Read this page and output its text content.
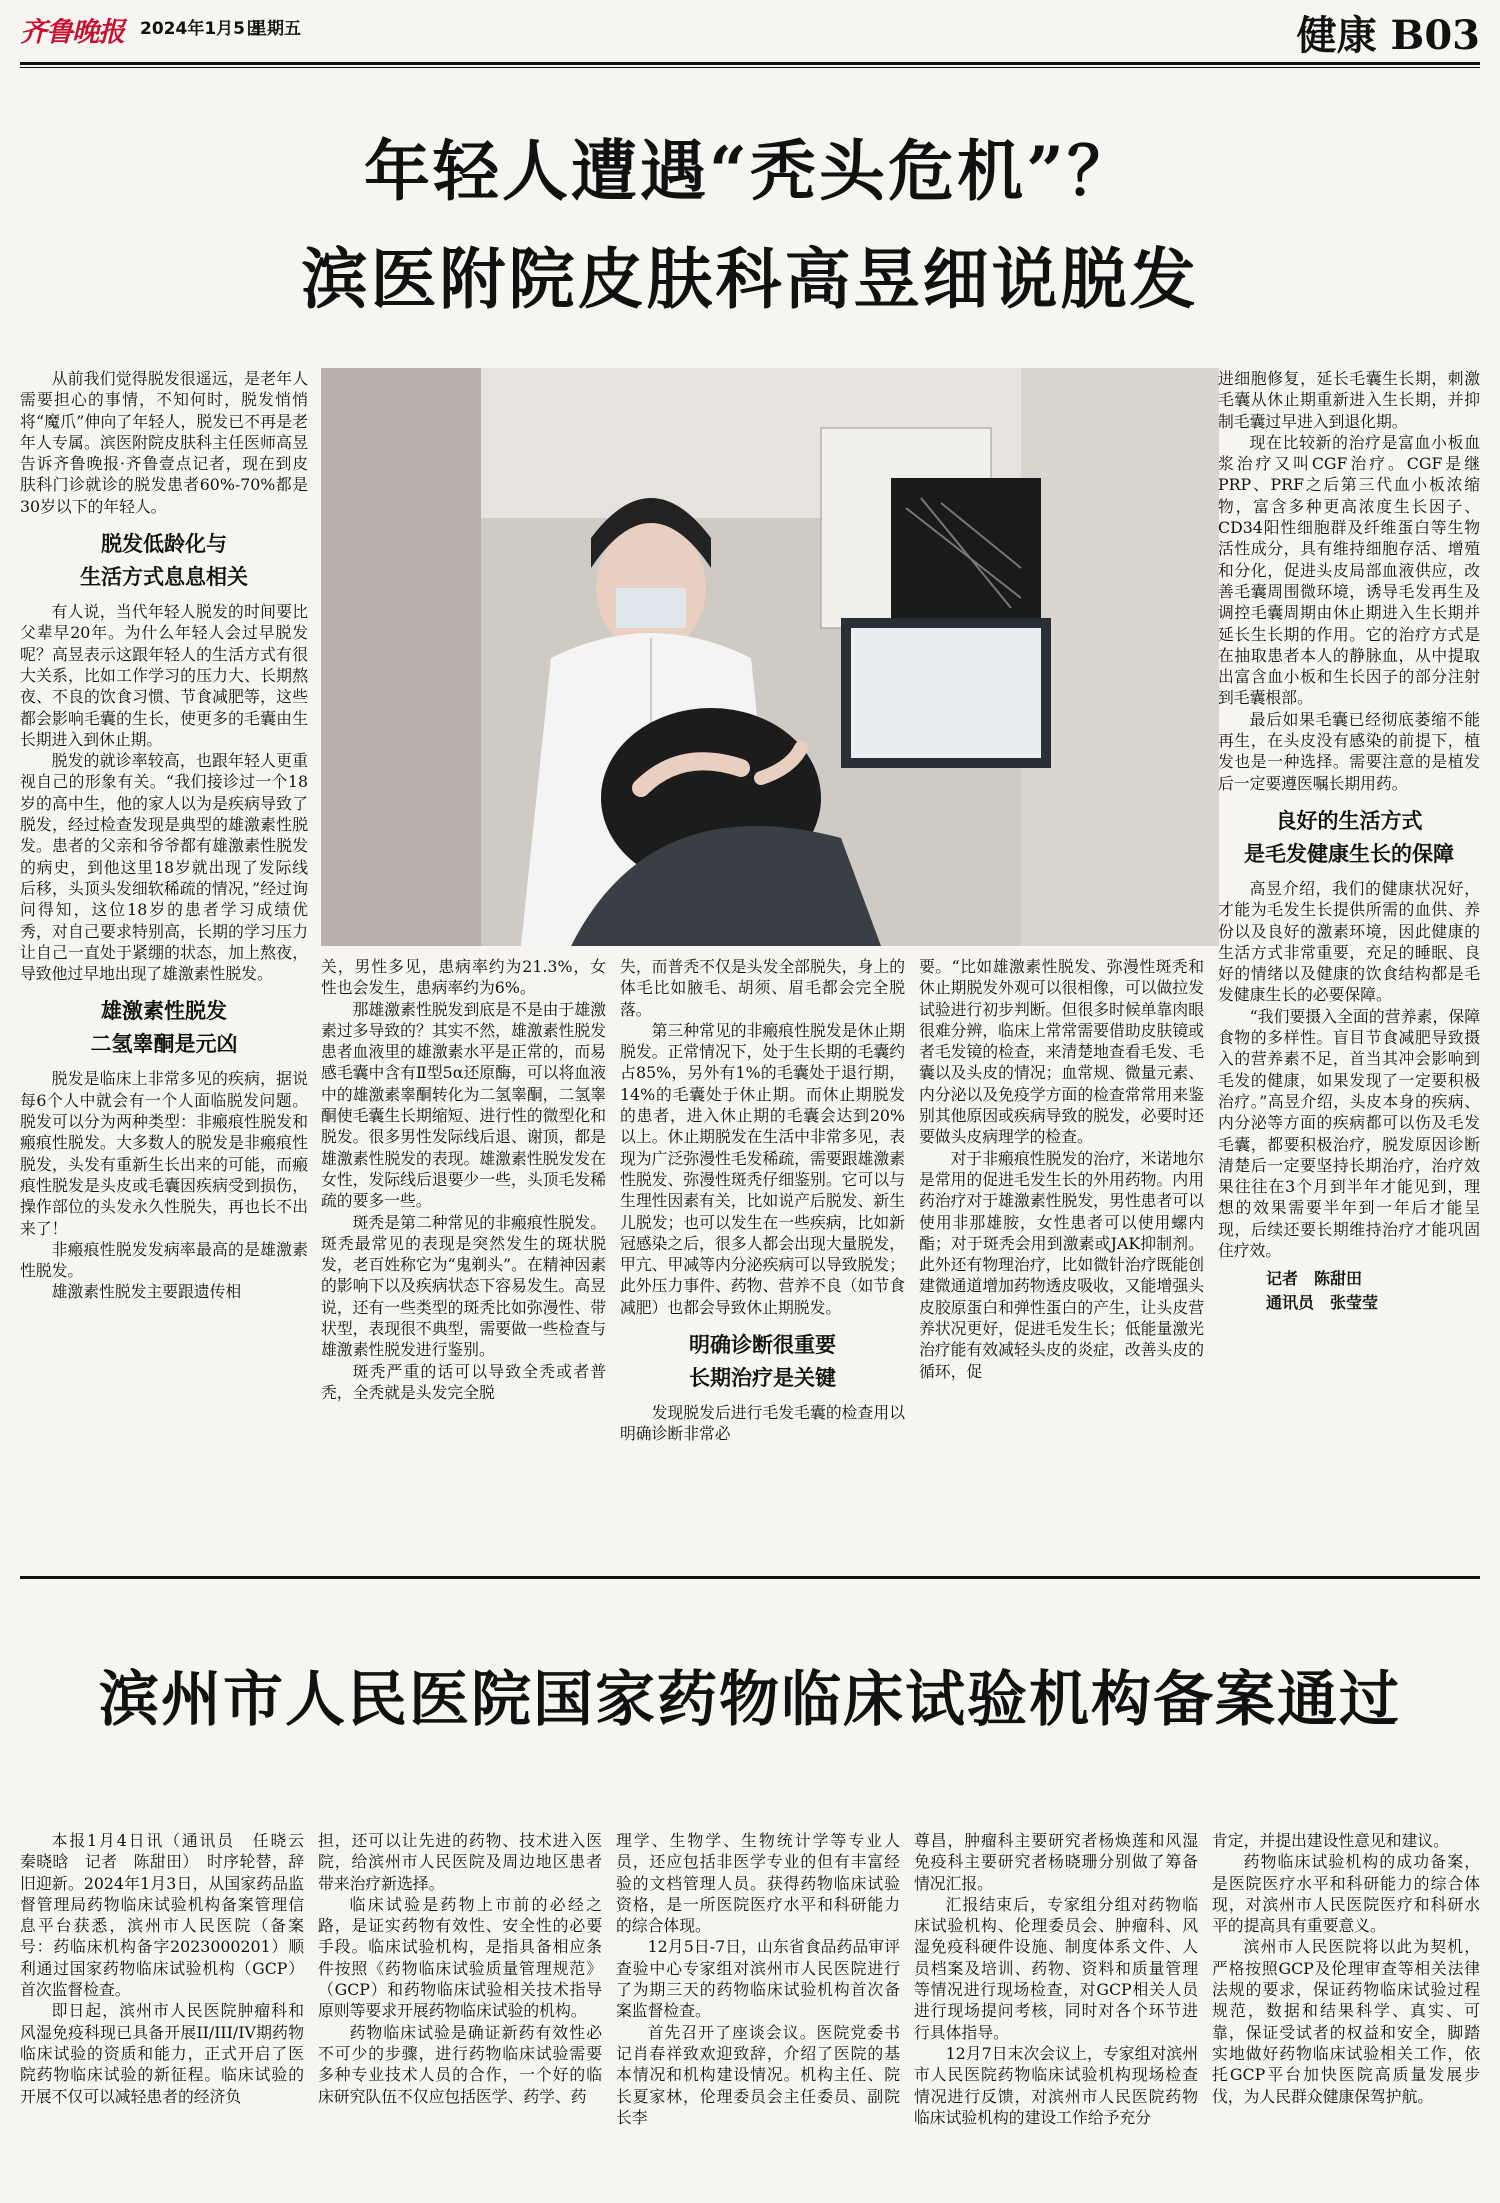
齐鲁晚报 2024年1月5日
星期五	健康 B03
年轻人遭遇“秃头危机”？
滨医附院皮肤科高昱细说脱发

从前我们觉得脱发很遥远，是老年人需要担心的事情，不知何时，脱发悄悄将“魔爪”伸向了年轻人，脱发已不再是老年人专属。滨医附院皮肤科主任医师高昱告诉齐鲁晚报·齐鲁壹点记者，现在到皮肤科门诊就诊的脱发患者60%-70%都是30岁以下的年轻人。

脱发低龄化与
生活方式息息相关

有人说，当代年轻人脱发的时间要比父辈早20年。为什么年轻人会过早脱发呢？高昱表示这跟年轻人的生活方式有很大关系，比如工作学习的压力大、长期熬夜、不良的饮食习惯、节食减肥等，这些都会影响毛囊的生长，使更多的毛囊由生长期进入到休止期。

脱发的就诊率较高，也跟年轻人更重视自己的形象有关。“我们接诊过一个18岁的高中生，他的家人以为是疾病导致了脱发，经过检查发现是典型的雄激素性脱发。患者的父亲和爷爷都有雄激素性脱发的病史，到他这里18岁就出现了发际线后移，头顶头发细软稀疏的情况，”经过询问得知，这位18岁的患者学习成绩优秀，对自己要求特别高，长期的学习压力让自己一直处于紧绷的状态，加上熬夜，导致他过早地出现了雄激素性脱发。

雄激素性脱发
二氢睾酮是元凶

脱发是临床上非常多见的疾病，据说每6个人中就会有一个人面临脱发问题。脱发可以分为两种类型：非瘢痕性脱发和瘢痕性脱发。大多数人的脱发是非瘢痕性脱发，头发有重新生长出来的可能，而瘢痕性脱发是头皮或毛囊因疾病受到损伤，操作部位的头发永久性脱失，再也长不出来了！

非瘢痕性脱发发病率最高的是雄激素性脱发。

雄激素性脱发主要跟遗传相

关，男性多见，患病率约为21.3%，女性也会发生，患病率约为6%。

那雄激素性脱发到底是不是由于雄激素过多导致的？其实不然，雄激素性脱发患者血液里的雄激素水平是正常的，而易感毛囊中含有Ⅱ型5α还原酶，可以将血液中的雄激素睾酮转化为二氢睾酮，二氢睾酮使毛囊生长期缩短、进行性的微型化和脱发。很多男性发际线后退、谢顶，都是雄激素性脱发的表现。雄激素性脱发发在女性，发际线后退要少一些，头顶毛发稀疏的要多一些。

斑秃是第二种常见的非瘢痕性脱发。斑秃最常见的表现是突然发生的斑状脱发，老百姓称它为“鬼剃头”。在精神因素的影响下以及疾病状态下容易发生。高昱说，还有一些类型的斑秃比如弥漫性、带状型，表现很不典型，需要做一些检查与雄激素性脱发进行鉴别。

斑秃严重的话可以导致全秃或者普秃，全秃就是头发完全脱

失，而普秃不仅是头发全部脱失，身上的体毛比如腋毛、胡须、眉毛都会完全脱落。

第三种常见的非瘢痕性脱发是休止期脱发。正常情况下，处于生长期的毛囊约占85%，另外有1%的毛囊处于退行期，14%的毛囊处于休止期。而休止期脱发的患者，进入休止期的毛囊会达到20%以上。休止期脱发在生活中非常多见，表现为广泛弥漫性毛发稀疏，需要跟雄激素性脱发、弥漫性斑秃仔细鉴别。它可以与生理性因素有关，比如说产后脱发、新生儿脱发；也可以发生在一些疾病，比如新冠感染之后，很多人都会出现大量脱发，甲亢、甲减等内分泌疾病可以导致脱发；此外压力事件、药物、营养不良（如节食减肥）也都会导致休止期脱发。

明确诊断很重要
长期治疗是关键

发现脱发后进行毛发毛囊的检查用以明确诊断非常必

要。“比如雄激素性脱发、弥漫性斑秃和休止期脱发外观可以很相像，可以做拉发试验进行初步判断。但很多时候单靠肉眼很难分辨，临床上常常需要借助皮肤镜或者毛发镜的检查，来清楚地查看毛发、毛囊以及头皮的情况；血常规、微量元素、内分泌以及免疫学方面的检查常常用来鉴别其他原因或疾病导致的脱发，必要时还要做头皮病理学的检查。

对于非瘢痕性脱发的治疗，米诺地尔是常用的促进毛发生长的外用药物。内用药治疗对于雄激素性脱发，男性患者可以使用非那雄胺，女性患者可以使用螺内酯；对于斑秃会用到激素或JAK抑制剂。此外还有物理治疗，比如微针治疗既能创建微通道增加药物透皮吸收，又能增强头皮胶原蛋白和弹性蛋白的产生，让头皮营养状况更好，促进毛发生长；低能量激光治疗能有效减轻头皮的炎症，改善头皮的循环，促

进细胞修复，延长毛囊生长期，刺激毛囊从休止期重新进入生长期，并抑制毛囊过早进入到退化期。

现在比较新的治疗是富血小板血浆治疗又叫CGF治疗。CGF是继PRP、PRF之后第三代血小板浓缩物，富含多种更高浓度生长因子、CD34阳性细胞群及纤维蛋白等生物活性成分，具有维持细胞存活、增殖和分化，促进头皮局部血液供应，改善毛囊周围微环境，诱导毛发再生及调控毛囊周期由休止期进入生长期并延长生长期的作用。它的治疗方式是在抽取患者本人的静脉血，从中提取出富含血小板和生长因子的部分注射到毛囊根部。

最后如果毛囊已经彻底萎缩不能再生，在头皮没有感染的前提下，植发也是一种选择。需要注意的是植发后一定要遵医嘱长期用药。

良好的生活方式
是毛发健康生长的保障

高昱介绍，我们的健康状况好，才能为毛发生长提供所需的血供、养份以及良好的激素环境，因此健康的生活方式非常重要，充足的睡眠、良好的情绪以及健康的饮食结构都是毛发健康生长的必要保障。

“我们要摄入全面的营养素，保障食物的多样性。盲目节食减肥导致摄入的营养素不足，首当其冲会影响到毛发的健康，如果发现了一定要积极治疗。”高昱介绍，头皮本身的疾病、内分泌等方面的疾病都可以伤及毛发毛囊，都要积极治疗，脱发原因诊断清楚后一定要坚持长期治疗，治疗效果往往在3个月到半年才能见到，理想的效果需要半年到一年后才能呈现，后续还要长期维持治疗才能巩固住疗效。

记者　陈甜田
通讯员　张莹莹
滨州市人民医院国家药物临床试验机构备案通过

本报1月4日讯（通讯员　任晓云　秦晓晗　记者　陈甜田）　时序轮替，辞旧迎新。2024年1月3日，从国家药品监督管理局药物临床试验机构备案管理信息平台获悉，滨州市人民医院（备案号：药临床机构备字2023000201）顺利通过国家药物临床试验机构（GCP）首次监督检查。

即日起，滨州市人民医院肿瘤科和风湿免疫科现已具备开展II/III/IV期药物临床试验的资质和能力，正式开启了医院药物临床试验的新征程。临床试验的开展不仅可以减轻患者的经济负

担，还可以让先进的药物、技术进入医院，给滨州市人民医院及周边地区患者带来治疗新选择。

临床试验是药物上市前的必经之路，是证实药物有效性、安全性的必要手段。临床试验机构，是指具备相应条件按照《药物临床试验质量管理规范》（GCP）和药物临床试验相关技术指导原则等要求开展药物临床试验的机构。

药物临床试验是确证新药有效性必不可少的步骤，进行药物临床试验需要多种专业技术人员的合作，一个好的临床研究队伍不仅应包括医学、药学、药

理学、生物学、生物统计学等专业人员，还应包括非医学专业的但有丰富经验的文档管理人员。获得药物临床试验资格，是一所医院医疗水平和科研能力的综合体现。

12月5日-7日，山东省食品药品审评查验中心专家组对滨州市人民医院进行了为期三天的药物临床试验机构首次备案监督检查。

首先召开了座谈会议。医院党委书记肖春祥致欢迎致辞，介绍了医院的基本情况和机构建设情况。机构主任、院长夏家林，伦理委员会主任委员、副院长李

尊昌，肿瘤科主要研究者杨焕莲和风湿免疫科主要研究者杨晓珊分别做了筹备情况汇报。

汇报结束后，专家组分组对药物临床试验机构、伦理委员会、肿瘤科、风湿免疫科硬件设施、制度体系文件、人员档案及培训、药物、资料和质量管理等情况进行现场检查，对GCP相关人员进行现场提问考核，同时对各个环节进行具体指导。

12月7日末次会议上，专家组对滨州市人民医院药物临床试验机构现场检查情况进行反馈，对滨州市人民医院药物临床试验机构的建设工作给予充分

肯定，并提出建设性意见和建议。

药物临床试验机构的成功备案，是医院医疗水平和科研能力的综合体现，对滨州市人民医院医疗和科研水平的提高具有重要意义。

滨州市人民医院将以此为契机，严格按照GCP及伦理审查等相关法律法规的要求，保证药物临床试验过程规范，数据和结果科学、真实、可靠，保证受试者的权益和安全，脚踏实地做好药物临床试验相关工作，依托GCP平台加快医院高质量发展步伐，为人民群众健康保驾护航。
